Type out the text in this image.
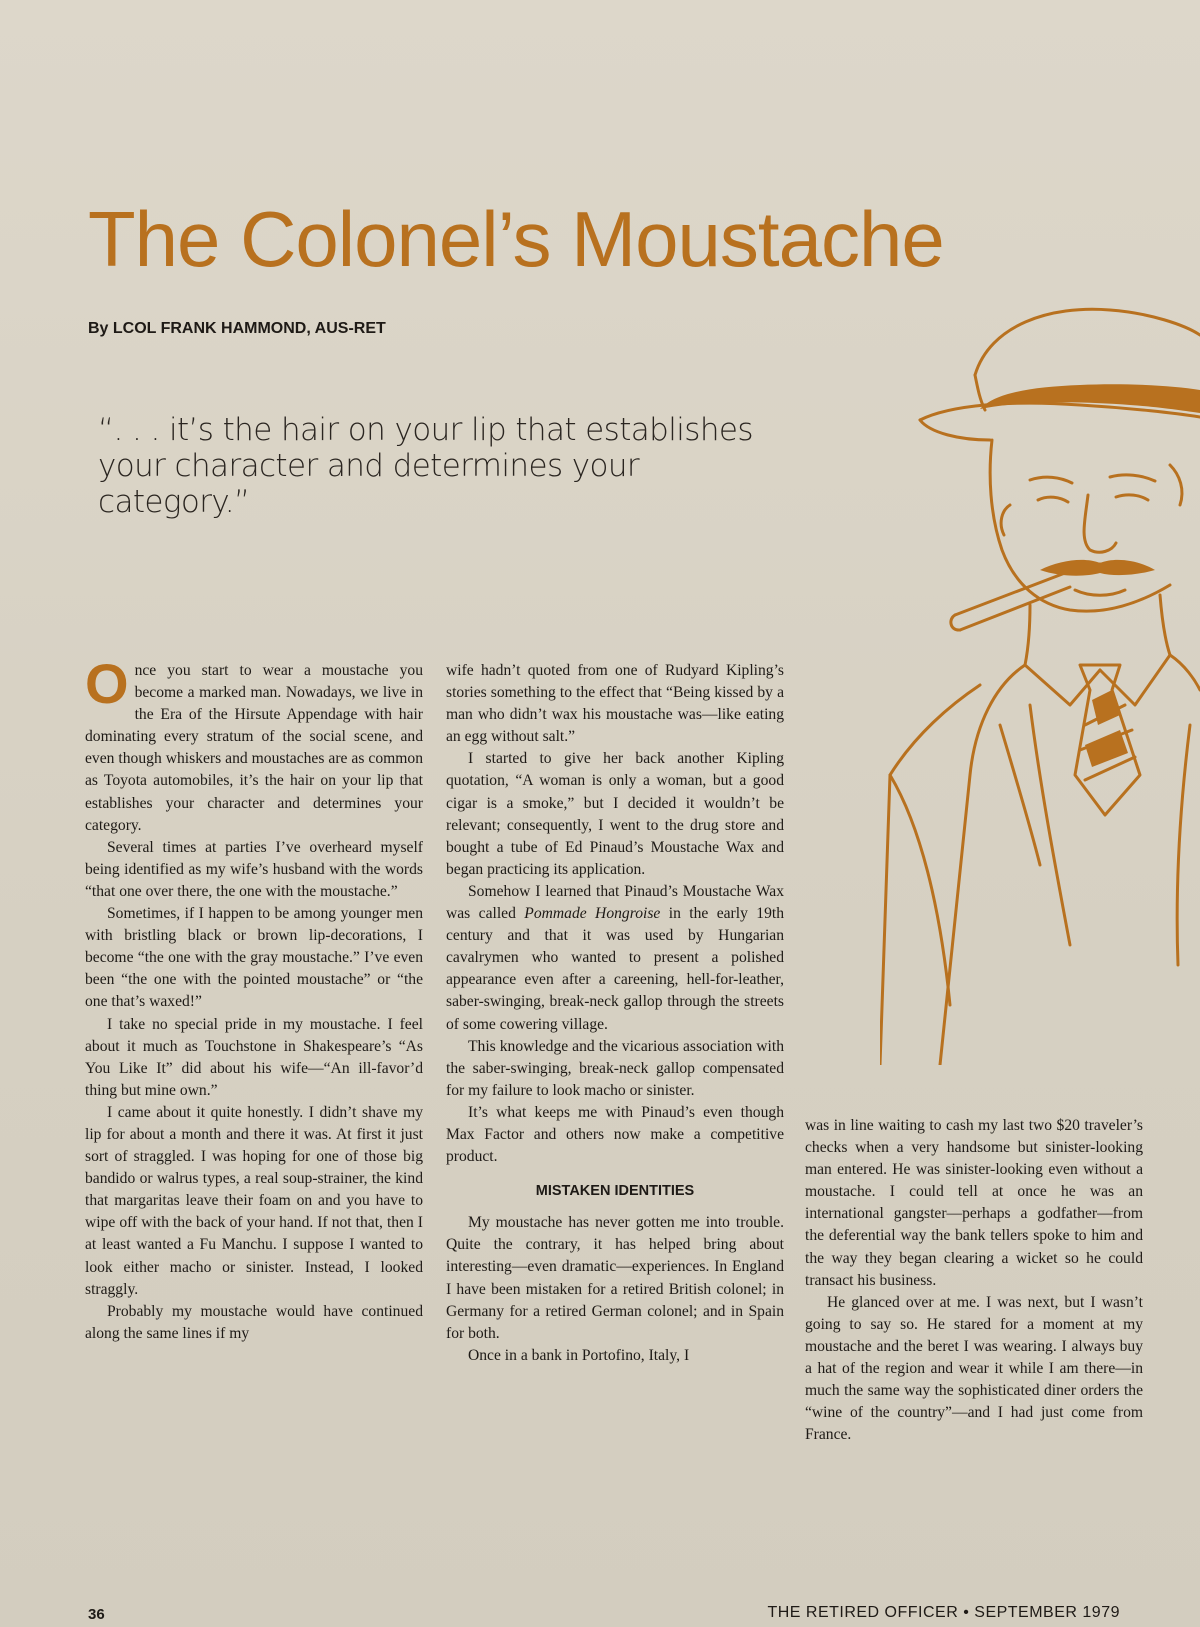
The Colonel’s Moustache
By LCOL FRANK HAMMOND, AUS-RET
“. . . it’s the hair on your lip that establishes your character and determines your category.”

Once you start to wear a moustache you become a marked man. Nowadays, we live in the Era of the Hirsute Appendage with hair dominating every stratum of the social scene, and even though whiskers and moustaches are as common as Toyota automobiles, it’s the hair on your lip that establishes your character and determines your category.

Several times at parties I’ve overheard myself being identified as my wife’s husband with the words “that one over there, the one with the moustache.”

Sometimes, if I happen to be among younger men with bristling black or brown lip-decorations, I become “the one with the gray moustache.” I’ve even been “the one with the pointed moustache” or “the one that’s waxed!”

I take no special pride in my moustache. I feel about it much as Touchstone in Shakespeare’s “As You Like It” did about his wife—“An ill-favor’d thing but mine own.”

I came about it quite honestly. I didn’t shave my lip for about a month and there it was. At first it just sort of straggled. I was hoping for one of those big bandido or walrus types, a real soup-strainer, the kind that margaritas leave their foam on and you have to wipe off with the back of your hand. If not that, then I at least wanted a Fu Manchu. I suppose I wanted to look either macho or sinister. Instead, I looked straggly.

Probably my moustache would have continued along the same lines if my

wife hadn’t quoted from one of Rudyard Kipling’s stories something to the effect that “Being kissed by a man who didn’t wax his moustache was—like eating an egg without salt.”

I started to give her back another Kipling quotation, “A woman is only a woman, but a good cigar is a smoke,” but I decided it wouldn’t be relevant; consequently, I went to the drug store and bought a tube of Ed Pinaud’s Moustache Wax and began practicing its application.

Somehow I learned that Pinaud’s Moustache Wax was called Pommade Hongroise in the early 19th century and that it was used by Hungarian cavalrymen who wanted to present a polished appearance even after a careening, hell-for-leather, saber-swinging, break-neck gallop through the streets of some cowering village.

This knowledge and the vicarious association with the saber-swinging, break-neck gallop compensated for my failure to look macho or sinister.

It’s what keeps me with Pinaud’s even though Max Factor and others now make a competitive product.

MISTAKEN IDENTITIES

My moustache has never gotten me into trouble. Quite the contrary, it has helped bring about interesting—even dramatic—experiences. In England I have been mistaken for a retired British colonel; in Germany for a retired German colonel; and in Spain for both.

Once in a bank in Portofino, Italy, I

was in line waiting to cash my last two $20 traveler’s checks when a very handsome but sinister-looking man entered. He was sinister-looking even without a moustache. I could tell at once he was an international gangster—perhaps a godfather—from the deferential way the bank tellers spoke to him and the way they began clearing a wicket so he could transact his business.

He glanced over at me. I was next, but I wasn’t going to say so. He stared for a moment at my moustache and the beret I was wearing. I always buy a hat of the region and wear it while I am there—in much the same way the sophisticated diner orders the “wine of the country”—and I had just come from France.

36	THE RETIRED OFFICER • SEPTEMBER 1979
